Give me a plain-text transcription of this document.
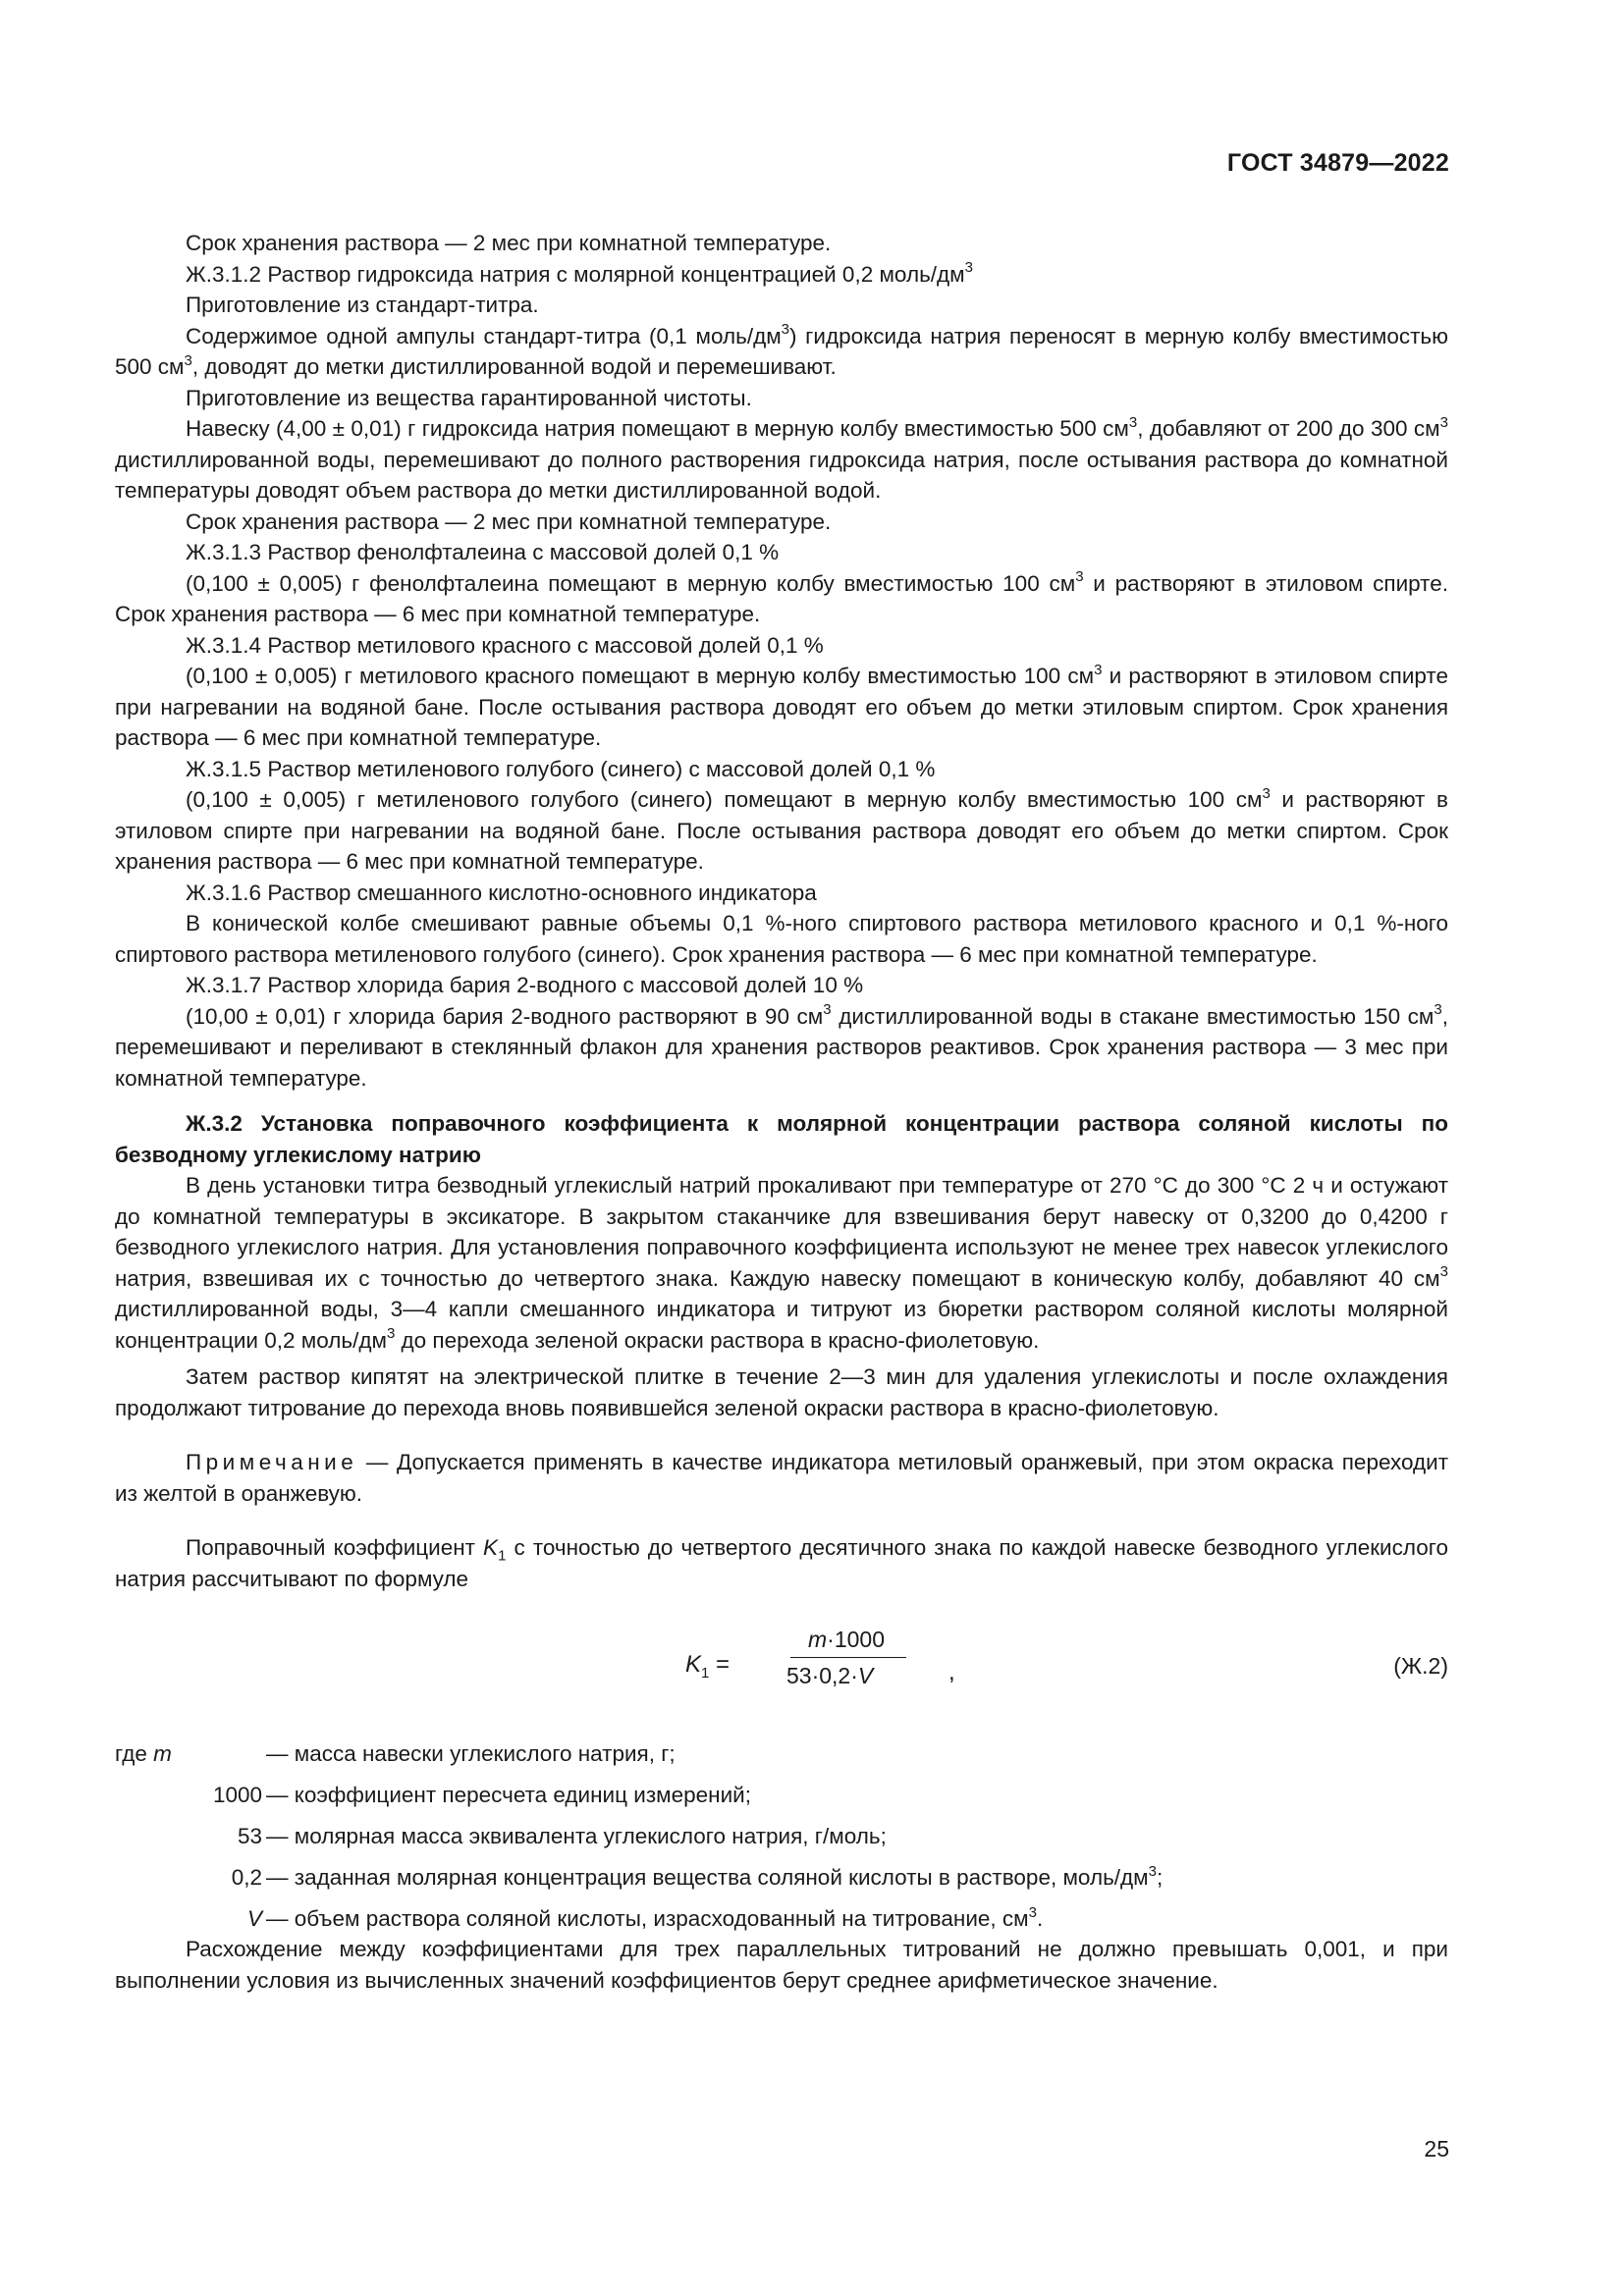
ГОСТ 34879—2022

Срок хранения раствора — 2 мес при комнатной температуре.

Ж.3.1.2 Раствор гидроксида натрия с молярной концентрацией 0,2 моль/$дм^3$

Приготовление из стандарт-титра.

Содержимое одной ампулы стандарт-титра (0,1 моль/$дм^3$) гидроксида натрия переносят в мерную колбу вместимостью 500 $см^3$, доводят до метки дистиллированной водой и перемешивают.

Приготовление из вещества гарантированной чистоты.

Навеску (4,00 ± 0,01) г гидроксида натрия помещают в мерную колбу вместимостью 500 $см^3$, добавляют от 200 до 300 $см^3$ дистиллированной воды, перемешивают до полного растворения гидроксида натрия, после остывания раствора до комнатной температуры доводят объем раствора до метки дистиллированной водой.

Срок хранения раствора — 2 мес при комнатной температуре.

Ж.3.1.3 Раствор фенолфталеина с массовой долей 0,1 %

(0,100 ± 0,005) г фенолфталеина помещают в мерную колбу вместимостью 100 $см^3$ и растворяют в этиловом спирте. Срок хранения раствора — 6 мес при комнатной температуре.

Ж.3.1.4 Раствор метилового красного с массовой долей 0,1 %

(0,100 ± 0,005) г метилового красного помещают в мерную колбу вместимостью 100 $см^3$ и растворяют в этиловом спирте при нагревании на водяной бане. После остывания раствора доводят его объем до метки этиловым спиртом. Срок хранения раствора — 6 мес при комнатной температуре.

Ж.3.1.5 Раствор метиленового голубого (синего) с массовой долей 0,1 %

(0,100 ± 0,005) г метиленового голубого (синего) помещают в мерную колбу вместимостью 100 $см^3$ и растворяют в этиловом спирте при нагревании на водяной бане. После остывания раствора доводят его объем до метки спиртом. Срок хранения раствора — 6 мес при комнатной температуре.

Ж.3.1.6 Раствор смешанного кислотно-основного индикатора

В конической колбе смешивают равные объемы 0,1 %-ного спиртового раствора метилового красного и 0,1 %-ного спиртового раствора метиленового голубого (синего). Срок хранения раствора — 6 мес при комнатной температуре.

Ж.3.1.7 Раствор хлорида бария 2-водного с массовой долей 10 %

(10,00 ± 0,01) г хлорида бария 2-водного растворяют в 90 $см^3$ дистиллированной воды в стакане вместимостью 150 $см^3$, перемешивают и переливают в стеклянный флакон для хранения растворов реактивов. Срок хранения раствора — 3 мес при комнатной температуре.

Ж.3.2 Установка поправочного коэффициента к молярной концентрации раствора соляной кислоты по безводному углекислому натрию

В день установки титра безводный углекислый натрий прокаливают при температуре от 270 °С до 300 °С 2 ч и остужают до комнатной температуры в эксикаторе. В закрытом стаканчике для взвешивания берут навеску от 0,3200 до 0,4200 г безводного углекислого натрия. Для установления поправочного коэффициента используют не менее трех навесок углекислого натрия, взвешивая их с точностью до четвертого знака. Каждую навеску помещают в коническую колбу, добавляют 40 $см^3$ дистиллированной воды, 3—4 капли смешанного индикатора и титруют из бюретки раствором соляной кислоты молярной концентрации 0,2 моль/$дм^3$ до перехода зеленой окраски раствора в красно-фиолетовую.

Затем раствор кипятят на электрической плитке в течение 2—3 мин для удаления углекислоты и после охлаждения продолжают титрование до перехода вновь появившейся зеленой окраски раствора в красно-фиолетовую.

Примечание — Допускается применять в качестве индикатора метиловый оранжевый, при этом окраска переходит из желтой в оранжевую.

Поправочный коэффициент $K_1$ с точностью до четвертого десятичного знака по каждой навеске безводного углекислого натрия рассчитывают по формуле

$K_1$ =
m·1000
53·0,2·V	,	(Ж.2)
где m	— масса навески углекислого натрия, г;
1000 — коэффициент пересчета единиц измерений;
53 — молярная масса эквивалента углекислого натрия, г/моль;
0,2 — заданная молярная концентрация вещества соляной кислоты в растворе, моль/$дм^3$;
V — объем раствора соляной кислоты, израсходованный на титрование, $см^3$.

Расхождение между коэффициентами для трех параллельных титрований не должно превышать 0,001, и при выполнении условия из вычисленных значений коэффициентов берут среднее арифметическое значение.

25
